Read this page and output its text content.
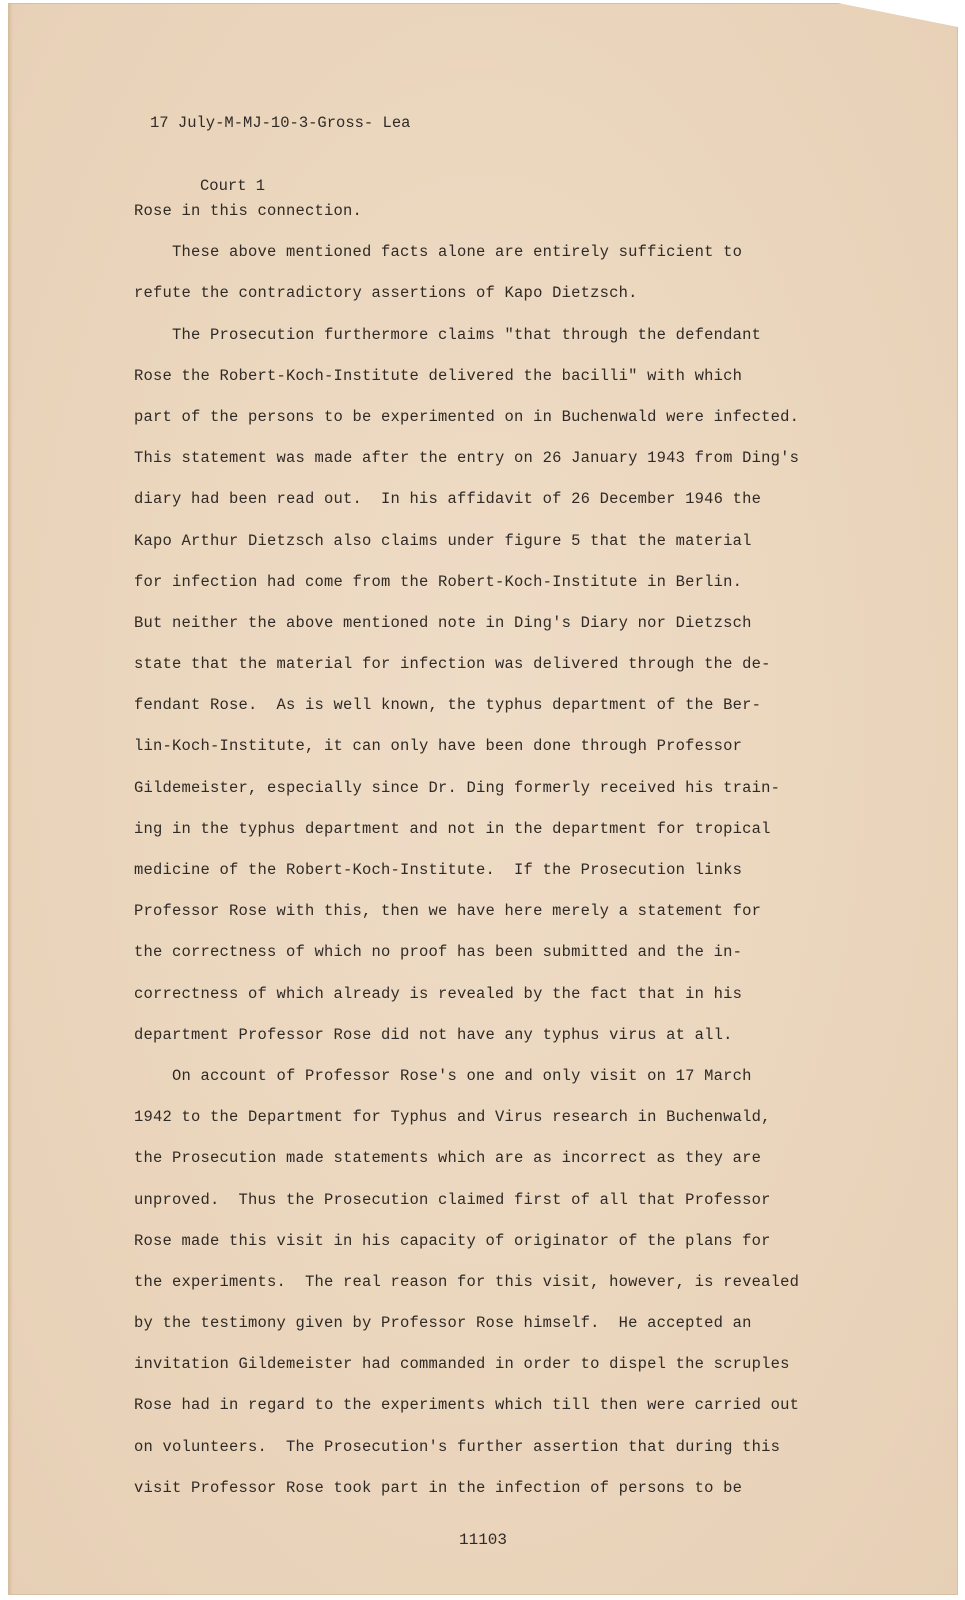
17 July-M-MJ-10-3-Gross- Lea

Court 1

Rose in this connection.
These above mentioned facts alone are entirely sufficient to
refute the contradictory assertions of Kapo Dietzsch.
The Prosecution furthermore claims "that through the defendant
Rose the Robert-Koch-Institute delivered the bacilli" with which
part of the persons to be experimented on in Buchenwald were infected.
This statement was made after the entry on 26 January 1943 from Ding's
diary had been read out.  In his affidavit of 26 December 1946 the
Kapo Arthur Dietzsch also claims under figure 5 that the material
for infection had come from the Robert-Koch-Institute in Berlin.
But neither the above mentioned note in Ding's Diary nor Dietzsch
state that the material for infection was delivered through the de-
fendant Rose.  As is well known, the typhus department of the Ber-
lin-Koch-Institute, it can only have been done through Professor
Gildemeister, especially since Dr. Ding formerly received his train-
ing in the typhus department and not in the department for tropical
medicine of the Robert-Koch-Institute.  If the Prosecution links
Professor Rose with this, then we have here merely a statement for
the correctness of which no proof has been submitted and the in-
correctness of which already is revealed by the fact that in his
department Professor Rose did not have any typhus virus at all.
On account of Professor Rose's one and only visit on 17 March
1942 to the Department for Typhus and Virus research in Buchenwald,
the Prosecution made statements which are as incorrect as they are
unproved.  Thus the Prosecution claimed first of all that Professor
Rose made this visit in his capacity of originator of the plans for
the experiments.  The real reason for this visit, however, is revealed
by the testimony given by Professor Rose himself.  He accepted an
invitation Gildemeister had commanded in order to dispel the scruples
Rose had in regard to the experiments which till then were carried out
on volunteers.  The Prosecution's further assertion that during this
visit Professor Rose took part in the infection of persons to be
11103
